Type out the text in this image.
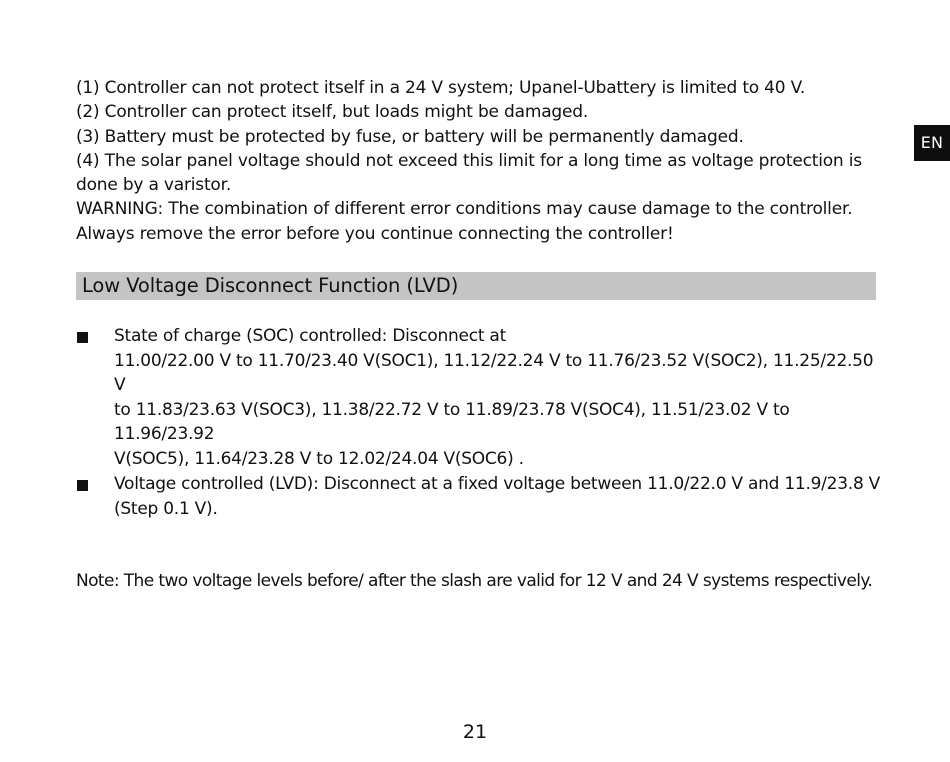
EN

(1) Controller can not protect itself in a 24 V system; Upanel-Ubattery is limited to 40 V.

(2) Controller can protect itself, but loads might be damaged.

(3) Battery must be protected by fuse, or battery will be permanently damaged.

(4) The solar panel voltage should not exceed this limit for a long time as voltage protection is done by a varistor.

WARNING: The combination of different error conditions may cause damage to the controller.

Always remove the error before you continue connecting the controller!

Low Voltage Disconnect Function (LVD)
State of charge (SOC) controlled: Disconnect at
11.00/22.00 V to 11.70/23.40 V(SOC1), 11.12/22.24 V to 11.76/23.52 V(SOC2), 11.25/22.50 V
to 11.83/23.63 V(SOC3), 11.38/22.72 V to 11.89/23.78 V(SOC4), 11.51/23.02 V to 11.96/23.92
V(SOC5), 11.64/23.28 V to 12.02/24.04 V(SOC6) .
Voltage controlled (LVD): Disconnect at a fixed voltage between 11.0/22.0 V and 11.9/23.8 V
(Step 0.1 V).

Note: The two voltage levels before/ after the slash are valid for 12 V and 24 V systems respectively.

21
